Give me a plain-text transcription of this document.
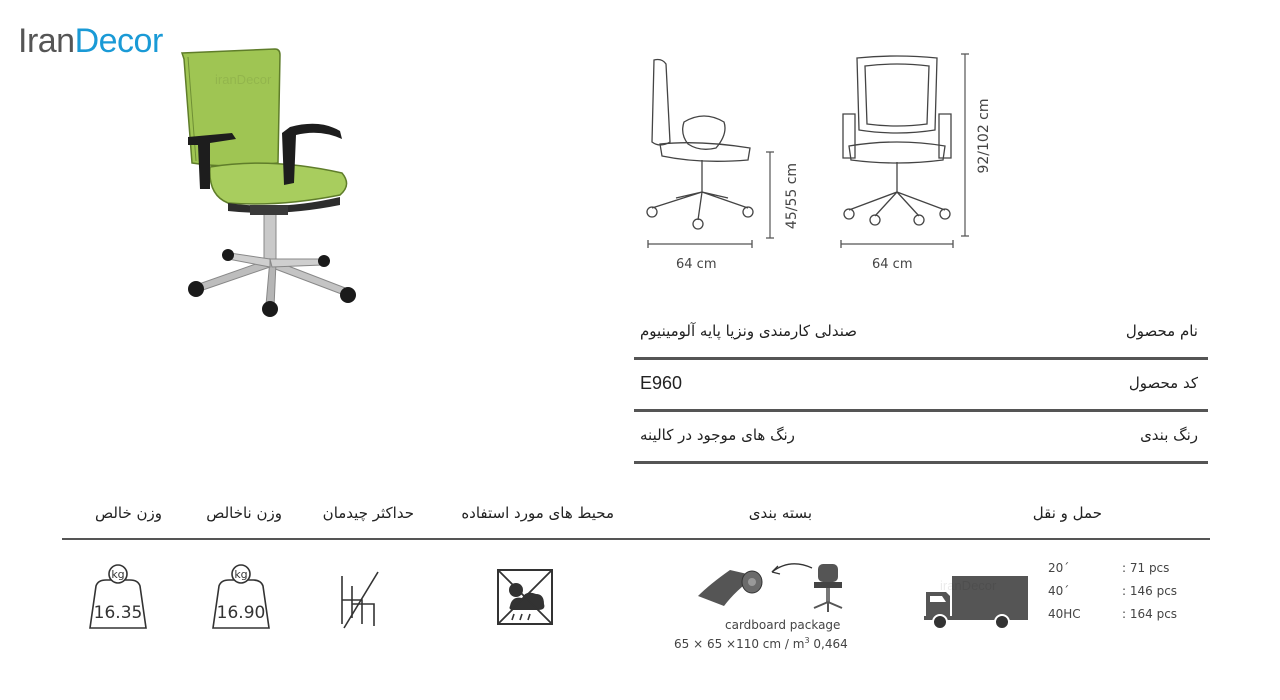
IranDecor
iranDecor
64 cm
45/55 cm
64 cm
92/102 cm
نام محصول
صندلی کارمندی ونزیا پایه آلومینیوم
کد محصول
E960
رنگ بندی
رنگ های موجود در کالینه
حمل و نقل
بسته بندی
محیط های مورد استفاده
حداکثر چیدمان
وزن ناخالص
وزن خالص
kg
16.35
kg
16.90
cardboard package
65 × 65 ×110 cm / $m^3$ 0,464
iranDecor
20´	: 71 pcs
40´	: 146 pcs
40HC	: 164 pcs
